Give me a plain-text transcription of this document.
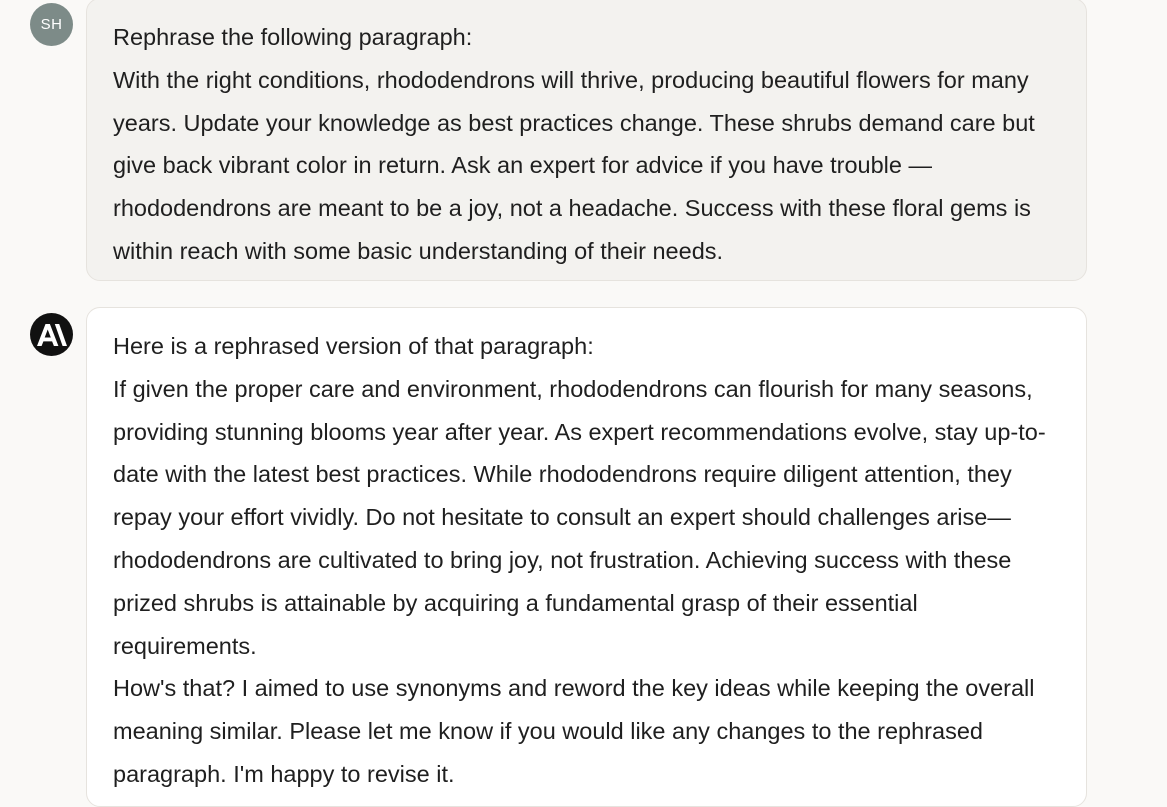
SH Rephrase the following paragraph:

With the right conditions, rhododendrons will thrive, producing beautiful flowers for many years. Update your knowledge as best practices change. These shrubs demand care but give back vibrant color in return. Ask an expert for advice if you have trouble —rhododendrons are meant to be a joy, not a headache. Success with these floral gems is within reach with some basic understanding of their needs.

Here is a rephrased version of that paragraph:

If given the proper care and environment, rhododendrons can flourish for many seasons, providing stunning blooms year after year. As expert recommendations evolve, stay up-to-date with the latest best practices. While rhododendrons require diligent attention, they repay your effort vividly. Do not hesitate to consult an expert should challenges arise—rhododendrons are cultivated to bring joy, not frustration. Achieving success with these prized shrubs is attainable by acquiring a fundamental grasp of their essential requirements.

How's that? I aimed to use synonyms and reword the key ideas while keeping the overall meaning similar. Please let me know if you would like any changes to the rephrased paragraph. I'm happy to revise it.
